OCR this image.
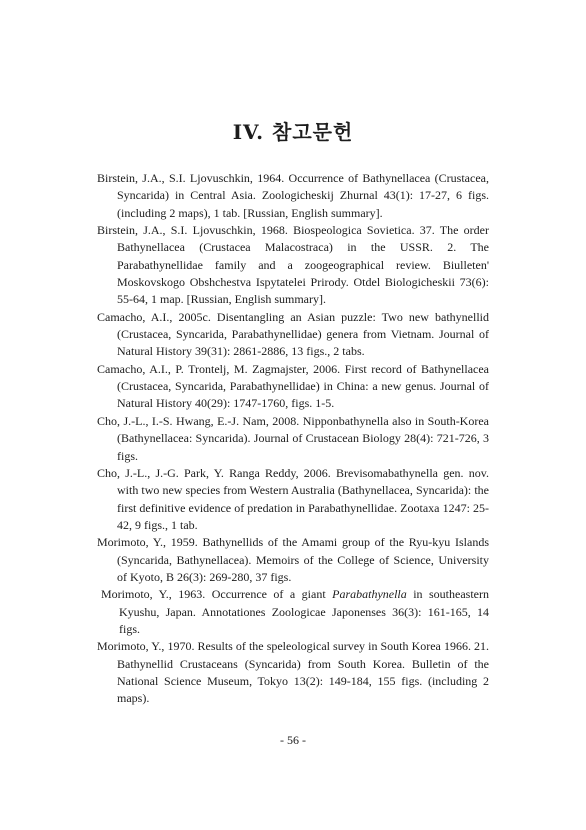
IV. 참고문헌

Birstein, J.A., S.I. Ljovuschkin, 1964. Occurrence of Bathynellacea (Crustacea, Syncarida) in Central Asia. Zoologicheskij Zhurnal 43(1): 17-27, 6 figs. (including 2 maps), 1 tab. [Russian, English summary].

Birstein, J.A., S.I. Ljovuschkin, 1968. Biospeologica Sovietica. 37. The order Bathynellacea (Crustacea Malacostraca) in the USSR. 2. The Parabathynellidae family and a zoogeographical review. Biulleten' Moskovskogo Obshchestva Ispytatelei Prirody. Otdel Biologicheskii 73(6): 55-64, 1 map. [Russian, English summary].

Camacho, A.I., 2005c. Disentangling an Asian puzzle: Two new bathynellid (Crustacea, Syncarida, Parabathynellidae) genera from Vietnam. Journal of Natural History 39(31): 2861-2886, 13 figs., 2 tabs.

Camacho, A.I., P. Trontelj, M. Zagmajster, 2006. First record of Bathynellacea (Crustacea, Syncarida, Parabathynellidae) in China: a new genus. Journal of Natural History 40(29): 1747-1760, figs. 1-5.

Cho, J.-L., I.-S. Hwang, E.-J. Nam, 2008. Nipponbathynella also in South-Korea (Bathynellacea: Syncarida). Journal of Crustacean Biology 28(4): 721-726, 3 figs.

Cho, J.-L., J.-G. Park, Y. Ranga Reddy, 2006. Brevisomabathynella gen. nov. with two new species from Western Australia (Bathynellacea, Syncarida): the first definitive evidence of predation in Parabathynellidae. Zootaxa 1247: 25-42, 9 figs., 1 tab.

Morimoto, Y., 1959. Bathynellids of the Amami group of the Ryu-kyu Islands (Syncarida, Bathynellacea). Memoirs of the College of Science, University of Kyoto, B 26(3): 269-280, 37 figs.

Morimoto, Y., 1963. Occurrence of a giant Parabathynella in southeastern Kyushu, Japan. Annotationes Zoologicae Japonenses 36(3): 161-165, 14 figs.

Morimoto, Y., 1970. Results of the speleological survey in South Korea 1966. 21. Bathynellid Crustaceans (Syncarida) from South Korea. Bulletin of the National Science Museum, Tokyo 13(2): 149-184, 155 figs. (including 2 maps).

- 56 -
